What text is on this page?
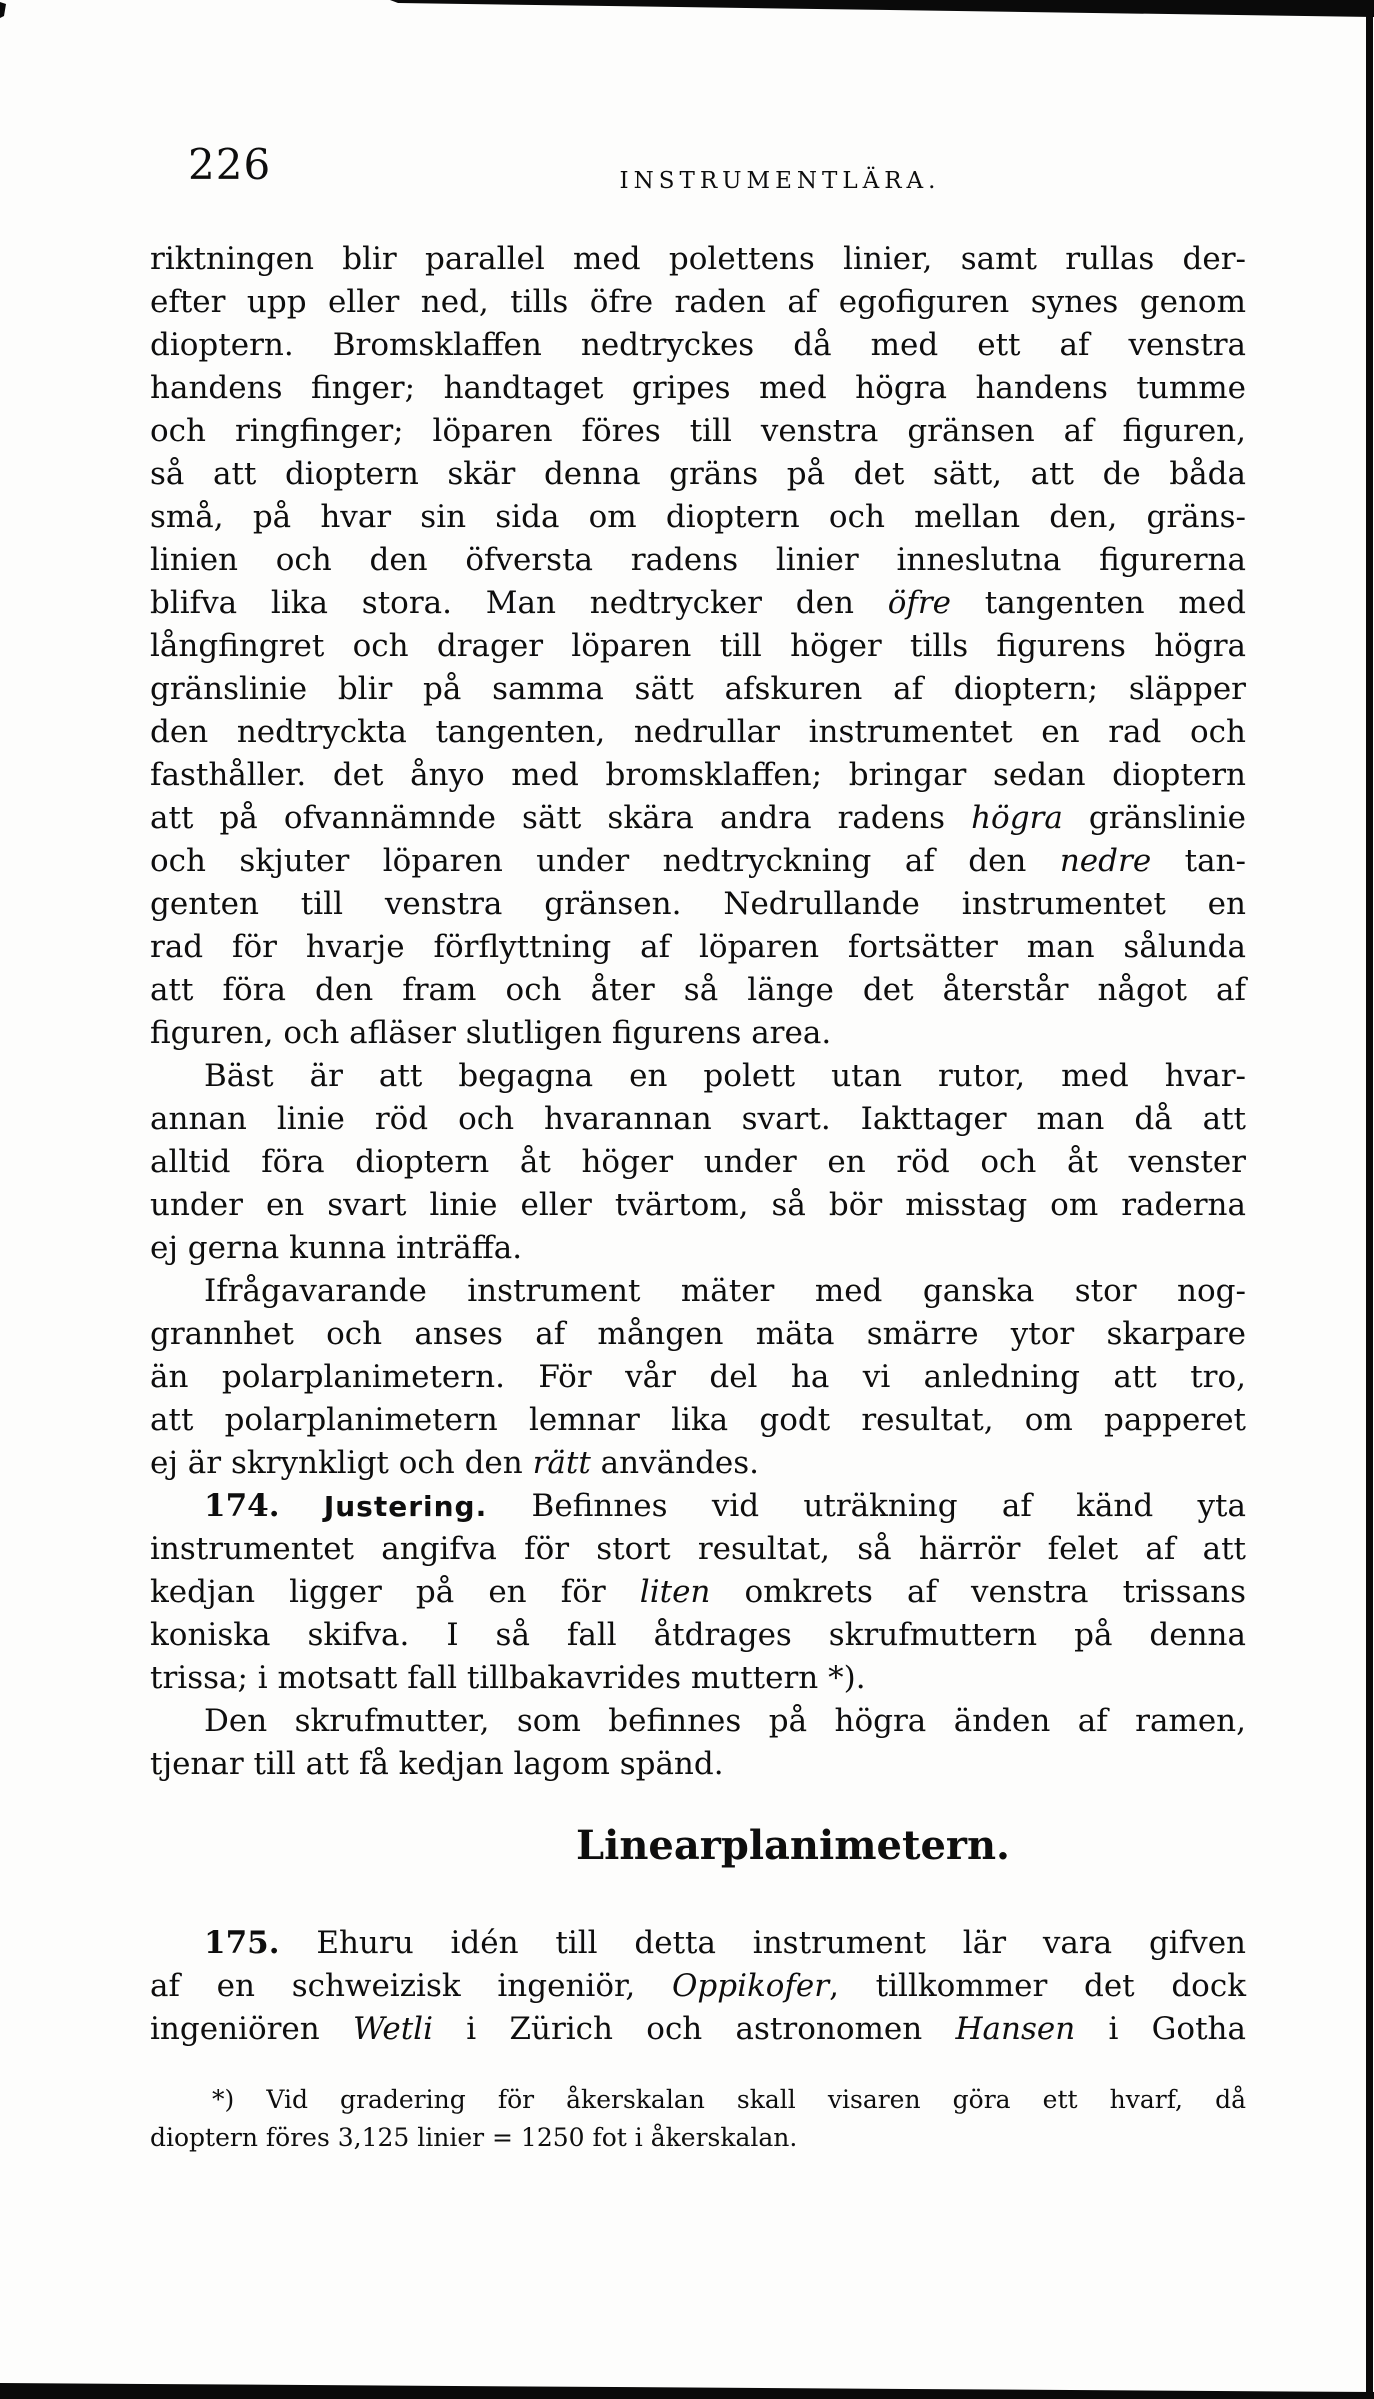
226	INSTRUMENTLÄRA.
riktningen blir parallel med polettens linier, samt rullas der-
efter upp eller ned, tills öfre raden af egofiguren synes genom
dioptern. Bromsklaffen nedtryckes då med ett af venstra
handens finger; handtaget gripes med högra handens tumme
och ringfinger; löparen föres till venstra gränsen af figuren,
så att dioptern skär denna gräns på det sätt, att de båda
små, på hvar sin sida om dioptern och mellan den, gräns-
linien och den öfversta radens linier inneslutna figurerna
blifva lika stora. Man nedtrycker den öfre tangenten med
långfingret och drager löparen till höger tills figurens högra
gränslinie blir på samma sätt afskuren af dioptern; släpper
den nedtryckta tangenten, nedrullar instrumentet en rad och
fasthåller. det ånyo med bromsklaffen; bringar sedan dioptern
att på ofvannämnde sätt skära andra radens högra gränslinie
och skjuter löparen under nedtryckning af den nedre tan-
genten till venstra gränsen. Nedrullande instrumentet en
rad för hvarje förflyttning af löparen fortsätter man sålunda
att föra den fram och åter så länge det återstår något af
figuren, och afläser slutligen figurens area.
Bäst är att begagna en polett utan rutor, med hvar-
annan linie röd och hvarannan svart. Iakttager man då att
alltid föra dioptern åt höger under en röd och åt venster
under en svart linie eller tvärtom, så bör misstag om raderna
ej gerna kunna inträffa.
Ifrågavarande instrument mäter med ganska stor nog-
grannhet och anses af mången mäta smärre ytor skarpare
än polarplanimetern. För vår del ha vi anledning att tro,
att polarplanimetern lemnar lika godt resultat, om papperet
ej är skrynkligt och den rätt användes.
174. Justering. Befinnes vid uträkning af känd yta
instrumentet angifva för stort resultat, så härrör felet af att
kedjan ligger på en för liten omkrets af venstra trissans
koniska skifva. I så fall åtdrages skrufmuttern på denna
trissa; i motsatt fall tillbakavrides muttern *).
Den skrufmutter, som befinnes på högra änden af ramen,
tjenar till att få kedjan lagom spänd.
Linearplanimetern.
175. Ehuru idén till detta instrument lär vara gifven
af en schweizisk ingeniör, Oppikofer, tillkommer det dock
ingeniören Wetli i Zürich och astronomen Hansen i Gotha
*) Vid gradering för åkerskalan skall visaren göra ett hvarf, då
dioptern föres 3,125 linier = 1250 fot i åkerskalan.
